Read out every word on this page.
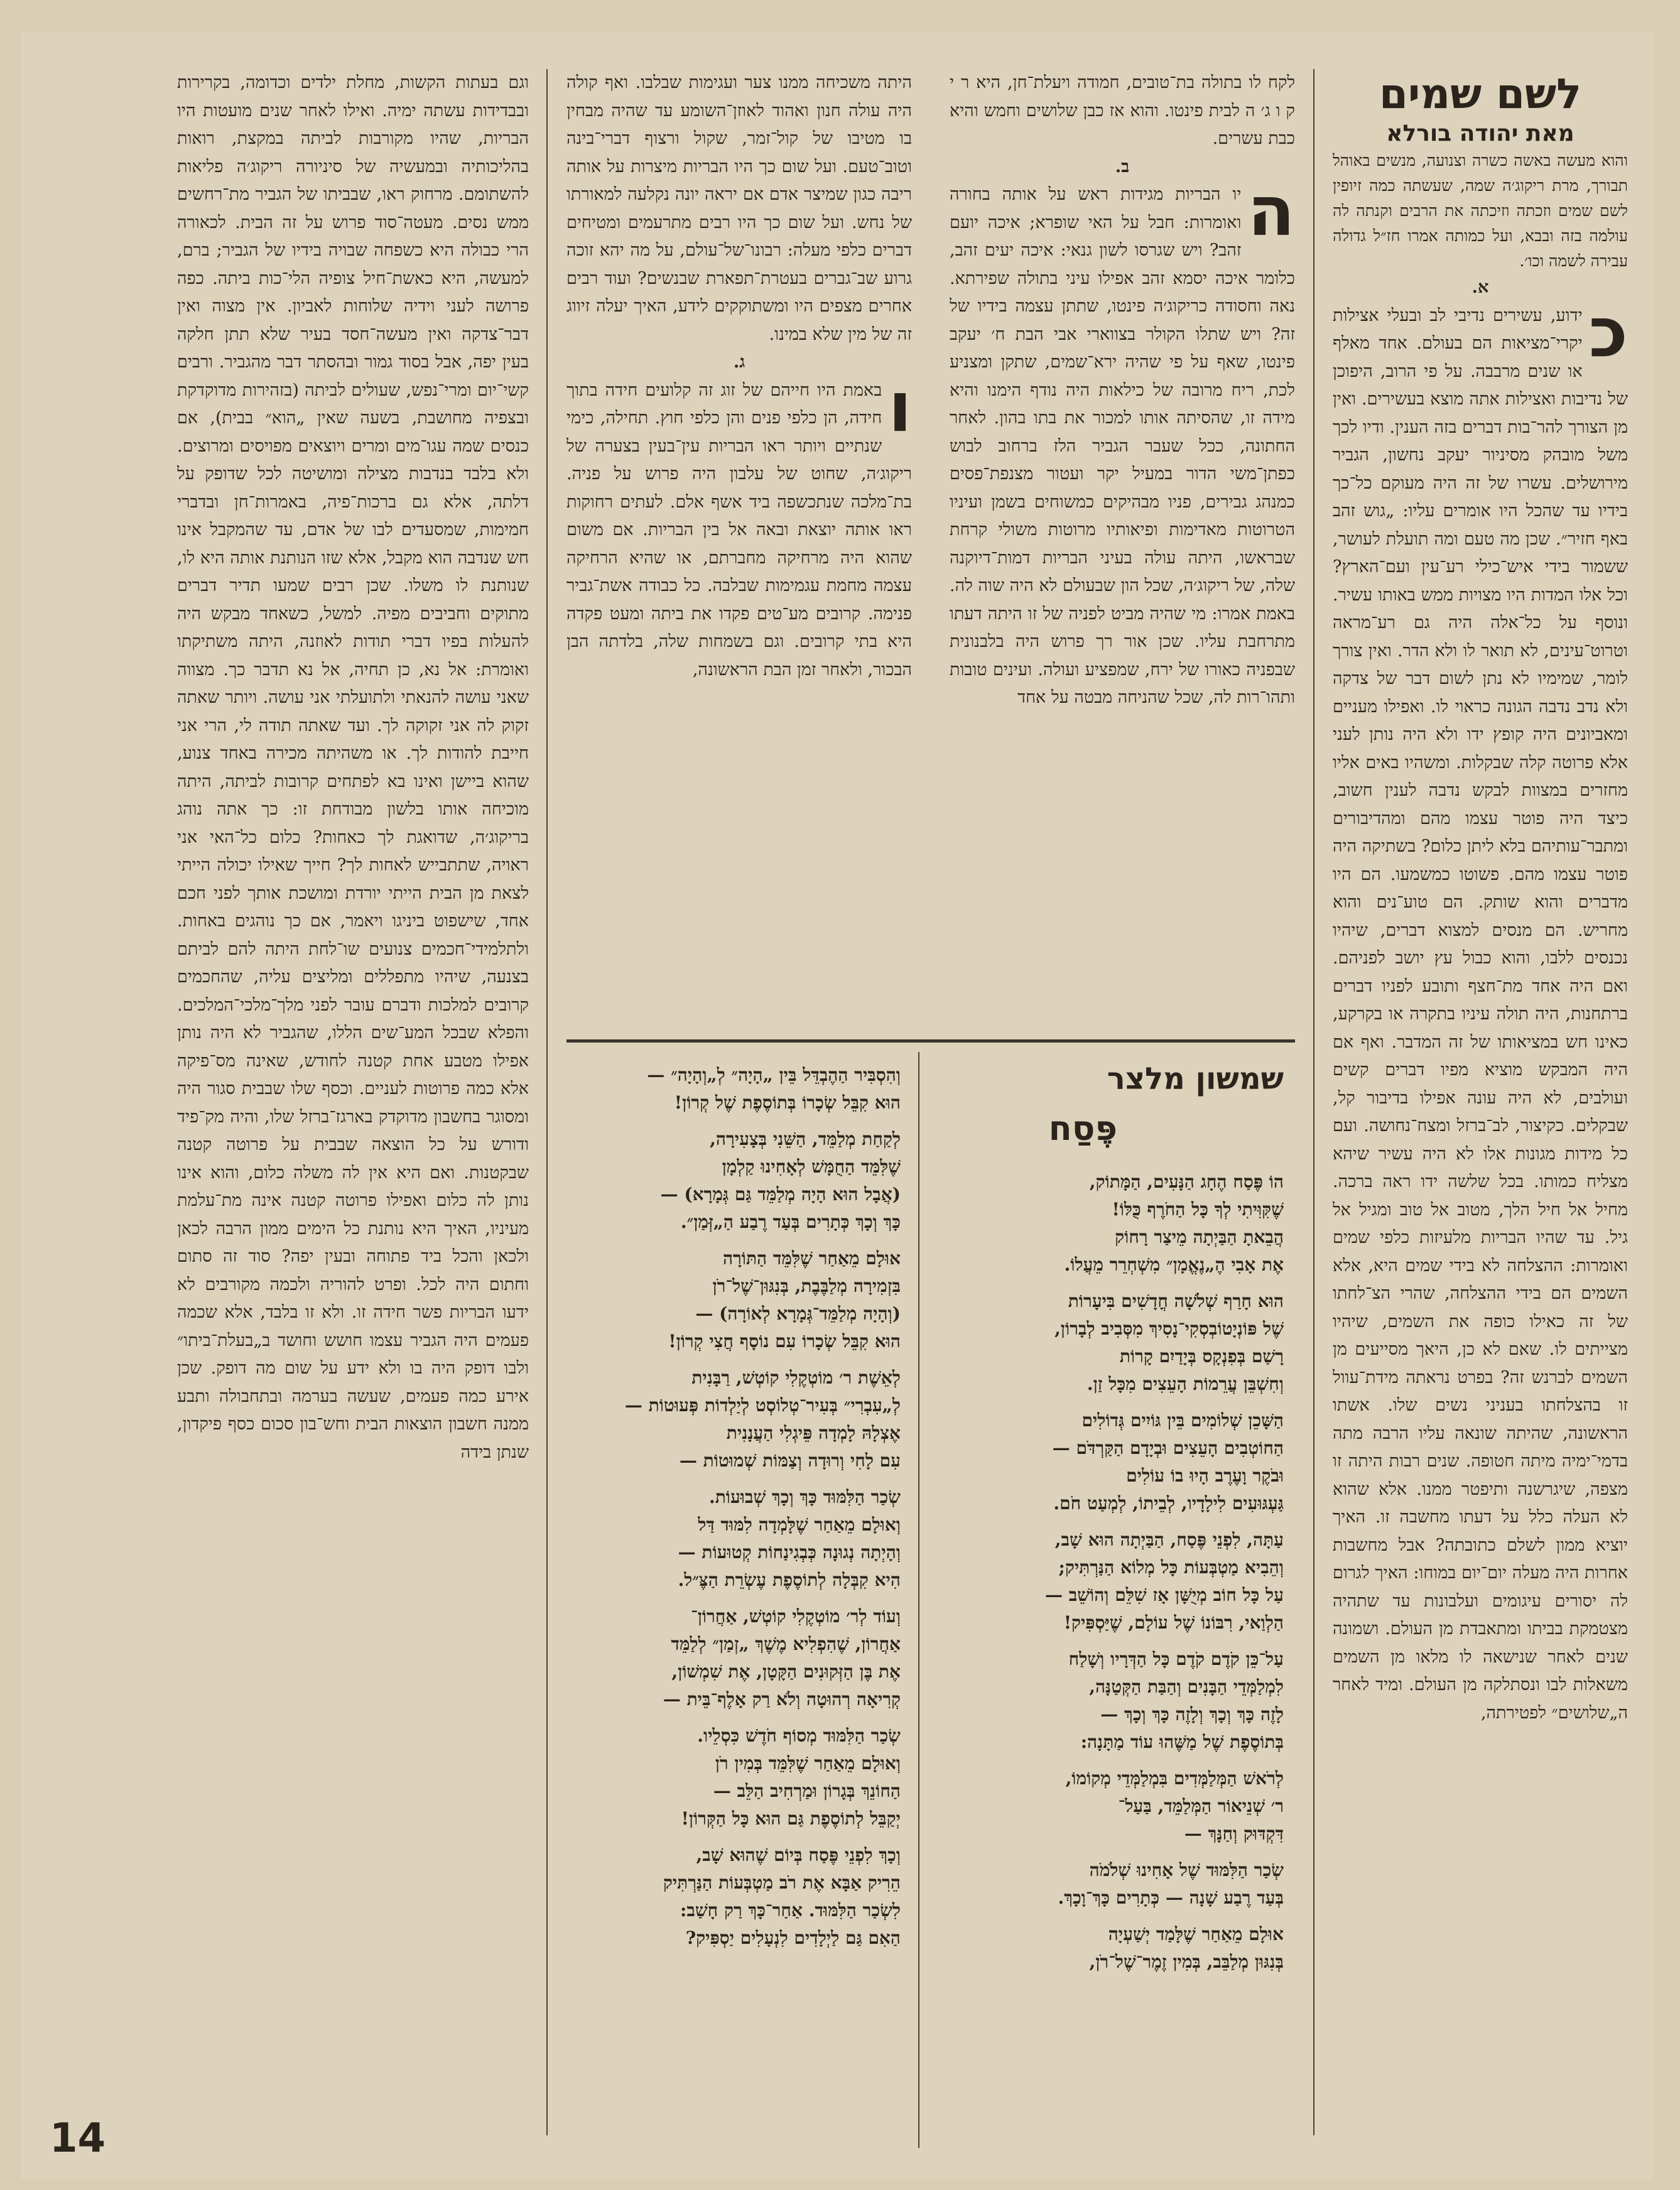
לשם שמים

מאת יהודה בורלא

והוא מעשה באשה כשרה וצנועה, מנשים באוהל תבורך, מרת ריקוג׳ה שמה, שעשתה כמה זיופין לשם שמים וזכתה וזיכתה את הרבים וקנתה לה עולמה בזה ובבא, ועל כמותה אמרו חז״ל גדולה עבירה לשמה וכו׳.

א.

כ

ידוע, עשירים נדיבי לב ובעלי אצילות יקרי־מציאות הם בעולם. אחד מאלף או שנים מרבבה. על פי הרוב, היפוכן של נדיבות ואצילות אתה מוצא בעשירים. ואין מן הצורך להר־בות דברים בזה הענין. ודיו לכך משל מובהק מסיניור יעקב נחשון, הגביר מירושלים. עשרו של זה היה מעוקם כל־כך בידיו עד שהכל היו אומרים עליו: „גוש זהב באף חזיר״. שכן מה טעם ומה תועלת לעושר, ששמור בידי איש־כילי רע־עין ועם־הארץ? וכל אלו המדות היו מצויות ממש באותו עשיר. ונוסף על כל־אלה היה גם רע־מראה וטרוט־עינים, לא תואר לו ולא הדר. ואין צורך לומר, שמימיו לא נתן לשום דבר של צדקה ולא נדב נדבה הגונה כראוי לו. ואפילו מעניים ומאביונים היה קופץ ידו ולא היה נותן לעני אלא פרוטה קלה שבקלות. ומשהיו באים אליו מחזרים במצוות לבקש נדבה לענין חשוב, כיצד היה פוטר עצמו מהם ומהדיבורים ומתבר־עותיהם בלא ליתן כלום? בשתיקה היה פוטר עצמו מהם. פשוטו כמשמעו. הם היו מדברים והוא שותק. הם טוע־נים והוא מחריש. הם מנסים למצוא דברים, שיהיו נכנסים ללבו, והוא כבול עץ יושב לפניהם. ואם היה אחד מת־חצף ותובע לפניו דברים ברתחנות, היה תולה עיניו בתקרה או בקרקע, כאינו חש במציאותו של זה המדבר. ואף אם היה המבקש מוציא מפיו דברים קשים ועולבים, לא היה עונה אפילו בדיבור קל, שבקלים. כקיצור, לב־ברזל ומצח־נחושה. ועם כל מידות מגונות אלו לא היה עשיר שיהא מצליח כמותו. בכל שלשה ידו ראה ברכה. מחיל אל חיל הלך, מטוב אל טוב ומגיל אל גיל. עד שהיו הבריות מלעיזות כלפי שמים ואומרות: ההצלחה לא בידי שמים היא, אלא השמים הם בידי ההצלחה, שהרי הצ־לחתו של זה כאילו כופה את השמים, שיהיו מצייתים לו. שאם לא כן, היאך מסייעים מן השמים לברנש זה? בפרט נראתה מידת־עוול זו בהצלחתו בעניני נשים שלו. אשתו הראשונה, שהיתה שונאה עליו הרבה מתה בדמי־ימיה מיתה חטופה. שנים רבות היתה זו מצפה, שיגרשנה ותיפטר ממנו. אלא שהוא לא העלה כלל על דעתו מחשבה זו. האיך יוציא ממון לשלם כתובתה? אבל מחשבות אחרות היה מעלה יום־יום במוחו: האיך לגרום לה יסורים עיגומים ועלבונות עד שתהיה מצטמקת בביתו ומתאבדת מן העולם. ושמונה שנים לאחר שנישאה לו מלאו מן השמים משאלות לבו ונסתלקה מן העולם. ומיד לאחר ה„שלושים״ לפטירתה,

לקח לו בתולה בת־טובים, חמודה ויעלת־חן, היא ר י ק ו ג׳ ה לבית פינטו. והוא אז כבן שלושים וחמש והיא כבת עשרים.

ב.

ה

יו הבריות מגידות ראש על אותה בחורה ואומרות: חבל על האי שופרא; איכה יועם זהב? ויש שגרסו לשון גנאי: איכה יעים זהב, כלומר איכה יסמא זהב אפילו עיני בתולה שפירתא. נאה וחסודה כריקוג׳ה פינטו, שתתן עצמה בידיו של זה? ויש שתלו הקולר בצווארי אבי הבת ח׳ יעקב פינטו, שאף על פי שהיה ירא־שמים, שתקן ומצניע לכת, ריח מרובה של כילאות היה נודף הימנו והיא מידה זו, שהסיתה אותו למכור את בתו בהון. לאחר החתונה, ככל שעבר הגביר הלז ברחוב לבוש כפתן־משי הדור במעיל יקר ועטור מצנפת־פסים כמנהג גבירים, פניו מבהיקים כמשוחים בשמן ועיניו הטרוטות מאדימות ופיאותיו מרוטות משולי קרחת שבראשו, היתה עולה בעיני הבריות דמות־דיוקנה שלה, של ריקוג׳ה, שכל הון שבעולם לא היה שוה לה. באמת אמרו: מי שהיה מביט לפניה של זו היתה דעתו מתרחבת עליו. שכן אור רך פרוש היה בלבנונית שבפניה כאורו של ירח, שמפציע ועולה. ועינים טובות ותהו־רות לה, שכל שהניחה מבטה על אחד

היתה משכיחה ממנו צער ועגימות שבלבו. ואף קולה היה עולה חנון ואהוד לאוזן־השומע עד שהיה מבחין בו מטיבו של קול־זמר, שקול ורצוף דברי־בינה וטוב־טעם. ועל שום כך היו הבריות מיצרות על אותה ריבה כגון שמיצר אדם אם יראה יונה נקלעה למאורתו של נחש. ועל שום כך היו רבים מתרעמים ומטיחים דברים כלפי מעלה: רבונו־של־עולם, על מה יהא זוכה גרוע שב־גברים בעטרת־תפארת שבנשים? ועוד רבים אחרים מצפים היו ומשתוקקים לידע, האיך יעלה זיווג זה של מין שלא במינו.

ג.

ו

באמת היו חייהם של זוג זה קלועים חידה בתוך חידה, הן כלפי פנים והן כלפי חוץ. תחילה, כימי שנתיים ויותר ראו הבריות עין־בעין בצערה של ריקוג׳ה, שחוט של עלבון היה פרוש על פניה. בת־מלכה שנתכשפה ביד אשף אלם. לעתים רחוקות ראו אותה יוצאת ובאה אל בין הבריות. אם משום שהוא היה מרחיקה מחברתם, או שהיא הרחיקה עצמה מחמת עגמימות שבלבה. כל כבודה אשת־גביר פנימה. קרובים מע־טים פקדו את ביתה ומעט פקדה היא בתי קרובים. וגם בשמחות שלה, בלדתה הבן הבכור, ולאחר זמן הבת הראשונה,

וגם בעתות הקשות, מחלת ילדים וכדומה, בקרירות ובבדידות עשתה ימיה. ואילו לאחר שנים מועטות היו הבריות, שהיו מקורבות לביתה במקצת, רואות בהליכותיה ובמעשיה של סיניורה ריקוג׳ה פליאות להשתומם. מרחוק ראו, שבביתו של הגביר מת־רחשים ממש נסים. מעטה־סוד פרוש על זה הבית. לכאורה הרי כבולה היא כשפחה שבויה בידיו של הגביר; ברם, למעשה, היא כאשת־חיל צופיה הלי־כות ביתה. כפה פרושה לעני וידיה שלוחות לאביון. אין מצוה ואין דבר־צדקה ואין מעשה־חסד בעיר שלא תתן חלקה בעין יפה, אבל בסוד גמור ובהסתר דבר מהגביר. ורבים קשי־יום ומרי־נפש, שעולים לביתה (בזהירות מדוקדקת ובצפיה מחושבת, בשעה שאין „הוא״ בבית), אם כנסים שמה עגו־מים ומרים ויוצאים מפויסים ומרוצים. ולא בלבד בנדבות מצילה ומושיטה לכל שדופק על דלתה, אלא גם ברכות־פיה, באמרות־חן ובדברי חמימות, שמסעדים לבו של אדם, עד שהמקבל אינו חש שנדבה הוא מקבל, אלא שזו הנותנת אותה היא לו, שנותנת לו משלו. שכן רבים שמעו תדיר דברים מתוקים וחביבים מפיה. למשל, כשאחד מבקש היה להעלות בפיו דברי תודות לאוזנה, היתה משתיקתו ואומרת: אל נא, כן תחיה, אל נא תדבר כך. מצווה שאני עושה להנאתי ולתועלתי אני עושה. ויותר שאתה זקוק לה אני זקוקה לך. ועד שאתה תודה לי, הרי אני חייבת להודות לך. או משהיתה מכירה באחד צנוע, שהוא ביישן ואינו בא לפתחים קרובות לביתה, היתה מוכיחה אותו בלשון מבודחת זו: כך אתה נוהג בריקוג׳ה, שדואגת לך כאחות? כלום כל־האי אני ראויה, שתתבייש לאחות לך? חייך שאילו יכולה הייתי לצאת מן הבית הייתי יורדת ומושכת אותך לפני חכם אחד, שישפוט ביניגו ויאמר, אם כך נוהגים באחות. ולתלמידי־חכמים צנועים שו־לחת היתה להם לביתם בצנעה, שיהיו מתפללים ומליצים עליה, שהחכמים קרובים למלכות ודברם עובר לפני מלך־מלכי־המלכים. והפלא שבכל המע־שים הללו, שהגביר לא היה נותן אפילו מטבע אחת קטנה לחודש, שאינה מס־פיקה אלא כמה פרוטות לעניים. וכסף שלו שבבית סגור היה ומסוגר בחשבון מדוקדק בארגז־ברזל שלו, והיה מק־פיד ודורש על כל הוצאה שבבית על פרוטה קטנה שבקטנות. ואם היא אין לה משלה כלום, והוא אינו נותן לה כלום ואפילו פרוטה קטנה אינה מת־עלמת מעיניו, האיך היא נותנת כל הימים ממון הרבה לכאן ולכאן והכל ביד פתוחה ובעין יפה? סוד זה סתום וחתום היה לכל. ופרט להוריה ולכמה מקורבים לא ידעו הבריות פשר חידה זו. ולא זו בלבד, אלא שכמה פעמים היה הגביר עצמו חושש וחושד ב„בעלת־ביתו״ ולבו דופק היה בו ולא ידע על שום מה דופק. שכן אירע כמה פעמים, שעשה בערמה ובתחבולה ותבע ממנה חשבון הוצאות הבית וחש־בון סכום כסף פיקדון, שנתן בידה

שמשון מלצר
פֶּסַח

הוֹ פֶּסַח הֶחָג הַנָּעִים, הַמָּתוֹק,
שֶׁקִּוִּיתִי לְךָ כָּל הַחֹרֶף כֻּלּוֹ!
הֲבֵאתָ הַבַּיְתָה מֵיצַר רָחוֹק
אֶת אָבִי הֶ„נֶאֱמָן״ מִשְׁחְרֵר מֵעֲלוֹ.

הוּא חָרַף שְׁלֹשָׁה חֳדָשִׁים בִּיעָרוֹת
שֶׁל פּוֹנְיָטוֹבְסְקִי־נָסִיךְ מִסְּבִיב לְבָרוֹן,
רָשַׁם בְּפִנְקָס בְּיָדַיִם קָרוֹת
וְחִשְׁבֵּן עֲרֵמוֹת הָעֵצִים מִכָּל זַן.

הַשָּׁכֵן שְׁלוֹמִים בֵּין גּוֹיִים גְּדוֹלִים
הַחוֹטְבִים הָעֵצִים וּבְיָדָם הַקַּרְדֹּם —
וּבֹקֶר וָעֶרֶב הָיוּ בוֹ עוֹלִים
גַּעְגּוּעִים לִילָדָיו, לְבֵיתוֹ, לְמְעַט חֹם.

עַתָּה, לִפְנֵי פֶּסַח, הַבַּיְתָה הוּא שָׁב,
וְהֵבִיא מַטְבְּעוֹת כָּל מְלוֹא הַנַּרְתִּיק;
עַל כָּל חוֹב מְיֻשָּׁן אָז שִׁלֵּם וְהוֹשֵׁב —
הַלְוַאי, רִבּוֹנוֹ שֶׁל עוֹלָם, שֶׁיַּסְפִּיק!

עַל־כֵּן קֹדֶם קֹדֶם כָּל הַדְּרָיו וְשָׁלַח
לִמְלַמְּדֵי הַבָּנִים וְהַבַּת הַקְּטַנָּה,
לָזֶה כָּךְ וְכָךְ וְלָזֶה כָּךְ וְכָךְ —
בְּתוֹסֶפֶת שֶׁל מַשֶּׁהוּ עוֹד מַתָּנָה:

לְרֹאשׁ הַמְּלַמְּדִים בִּמְלַמְּדֵי מְקוֹמוֹ,
ר׳ שְׁנֵיאוֹר הַמְּלַמֵּד, בַּעַל־
דִּקְדּוּק וְחַנָּךְ —

שְׂכַר הַלִּמּוּד שֶׁל אָחִינוּ שְׁלֹמֹה
בְּעַד רֶבַע שָׁנָה — כְּתָרִים כָּךְ־וָכָךְ.

אוּלָם מֵאַחַר שֶׁלָּמַד יְשַׁעְיָה
בְּנִגּוּן מְלַבֵּב, בְּמִין זֶמֶר־שֶׁל־רֹן,

וְהִסְבִּיר הַהֶבְדֵּל בֵּין „הָיָה״ לְ„וְהָיָה״ —
הוּא קִבֵּל שְׂכָרוֹ בְּתוֹסֶפֶת שֶׁל קְרוֹן!

לְקַחַת מְלַמֵּד, הַשֵּׁנִי בְּצָעִירָה,
שֶׁלִּמֵּד הַחֻמָּשׁ לְאָחִינוּ קַלְמָן
(אֲבָל הוּא הָיָה מְלַמֵּד גַּם גְּמָרָא) —
כָּךְ וְכָךְ כְּתָרִים בְּעַד רֶבַע הַ„זְּמַן״.

אוּלָם מֵאַחַר שֶׁלִּמֵּד הַתּוֹרָה
בִּזְמִירָה מְלַבֶּבֶת, בְּנִגּוּן־שֶׁל־רֹן
(וְהָיָה מְלַמֵּד־גְּמָרָא לְאוֹרָה) —
הוּא קִבֵּל שְׂכָרוֹ עִם נוֹסָף חֲצִי קְרוֹן!

לְאֵשֶׁת ר׳ מוֹטְקֶלִי קוֹטְשׁ, רַבָּנִית
לְ„עִבְרִי״ בְּעִיר־טְלוֹסְט לְיַלְדוֹת פְּעוּטוֹת —
אֶצְלָהּ לָמְדָה פֵּיגְלִי הַעֲנָנִית
עִם לָחִי וְרוּדָה וְצַמּוֹת שְׁמוּטוֹת —

שְׂכַר הַלִּמּוּד כָּךְ וְכָךְ שְׁבוּעוֹת.
וְאוּלָם מֵאַחַר שֶׁלָּמְדָה לִמּוּד דַּל
וְהָיְתָה נְגוּנָה כְּבְגִינַחוֹת קְטוּעוֹת —
הִיא קִבְּלָה לְתוֹסֶפֶת עֶשְׂרֵת הַצֶּ״ל.

וְעוֹד לְר׳ מוֹטְקֶלִי קוֹטְשׁ, אַחֲרוֹן־
אַחֲרוֹן, שֶׁהִפְלִיא מֶשֶׁךְ „זְמַן״ לְלַמֵּד
אֶת בֶּן הַזְּקוּנִים הַקָּטָן, אֶת שִׁמְשׁוֹן,
קְרִיאָה רְהוּטָה וְלֹא רַק אָלֶף־בֵּית —

שְׂכַר הַלִּמּוּד מְסוֹף חֹדֶשׁ כִּסְלֵיו.
וְאוּלָם מֵאַחַר שֶׁלִּמֵּד בְּמִין רֹן
הַחוֹנֵךְ בְּגָרוֹן וּמַרְחִיב הַלֵּב —
יְקַבֵּל לְתוֹסֶפֶת גַּם הוּא כָּל הַקְּרוֹן!

וְכָךְ לִפְנֵי פֶּסַח בְּיוֹם שֶׁהוּא שָׁב,
הֵרִיק אַבָּא אֶת רֹב מַטְבְּעוֹת הַנַּרְתִּיק
לִשְׂכַר הַלִּמּוּד. אַחַר־כָּךְ רַק חָשַׁב:
הַאִם גַּם לַיְלָדִים לִנְעָלִים יַסְפִּיק?

14
